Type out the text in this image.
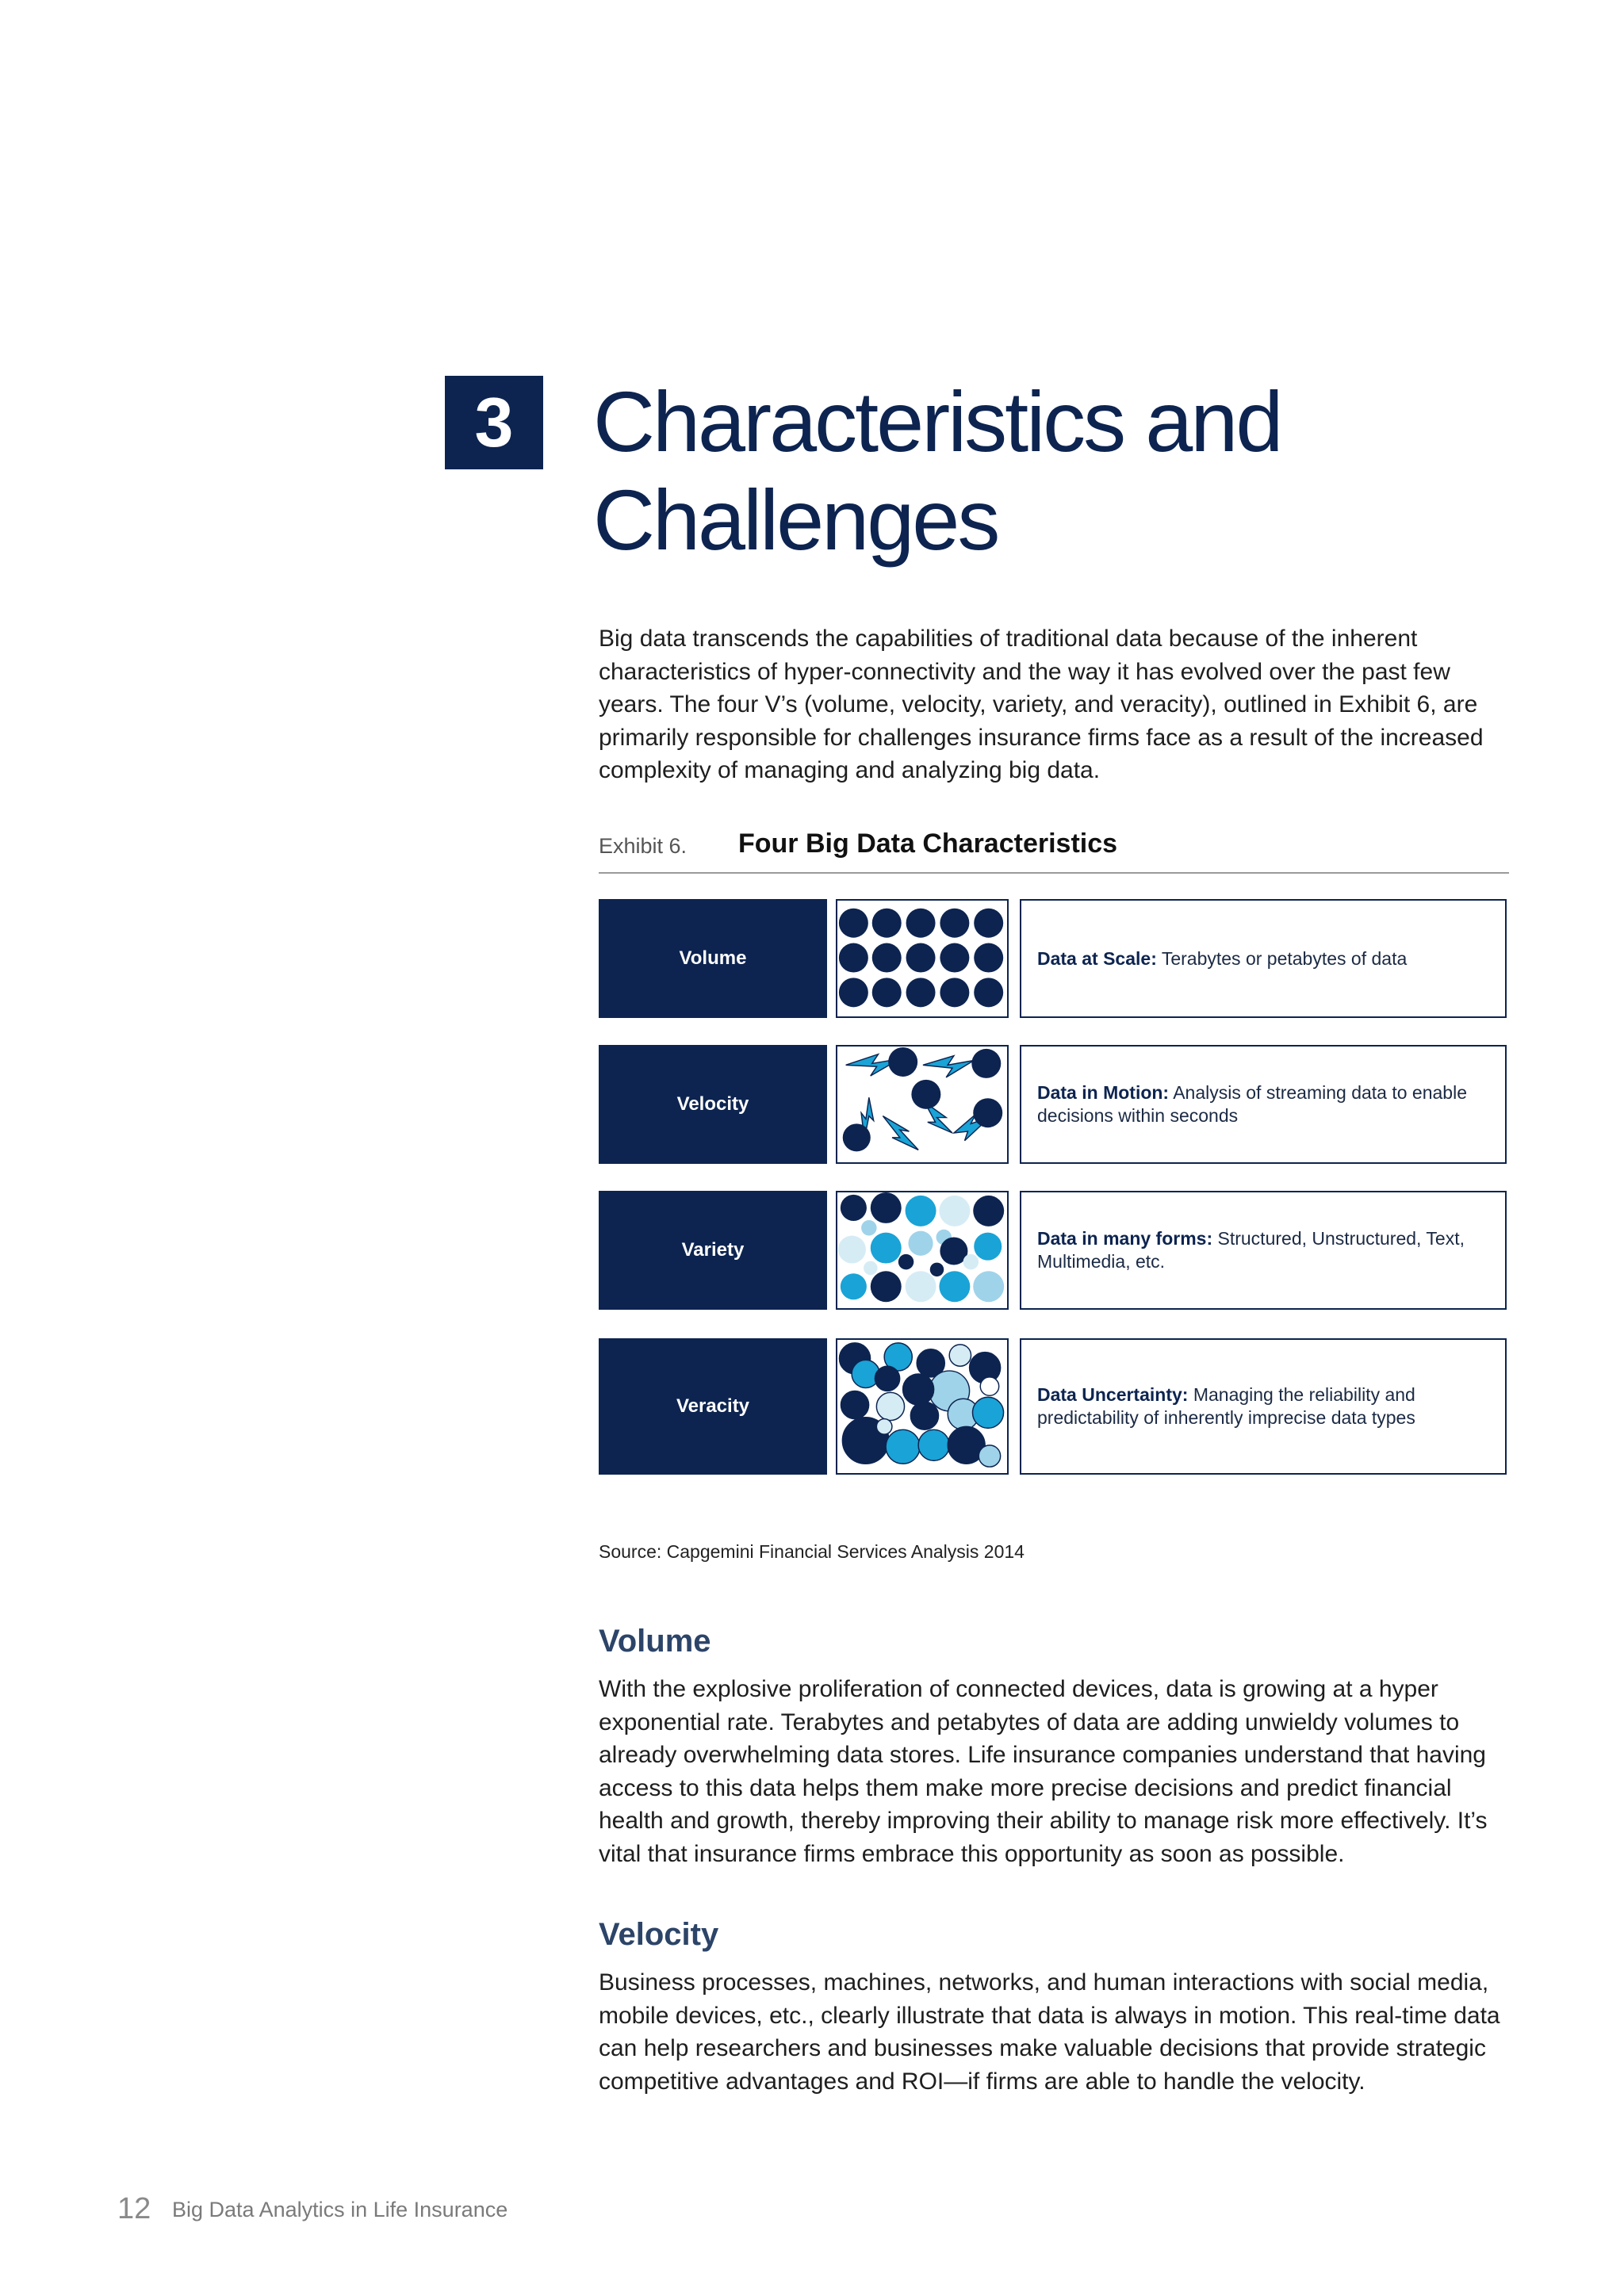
3 Characteristics and
Challenges

Big data transcends the capabilities of traditional data because of the inherent characteristics of hyper-connectivity and the way it has evolved over the past few years. The four V’s (volume, velocity, variety, and veracity), outlined in Exhibit 6, are primarily responsible for challenges insurance firms face as a result of the increased complexity of managing and analyzing big data.

Exhibit 6. Four Big Data Characteristics
Volume	Data at Scale: Terabytes or petabytes of data
Velocity
Data in Motion: Analysis of streaming data to enable decisions within seconds
Variety
Data in many forms: Structured, Unstructured, Text, Multimedia, etc.
Veracity
Data Uncertainty: Managing the reliability and predictability of inherently imprecise data types
Source: Capgemini Financial Services Analysis 2014
Volume

With the explosive proliferation of connected devices, data is growing at a hyper exponential rate. Terabytes and petabytes of data are adding unwieldy volumes to already overwhelming data stores. Life insurance companies understand that having access to this data helps them make more precise decisions and predict financial health and growth, thereby improving their ability to manage risk more effectively. It’s vital that insurance firms embrace this opportunity as soon as possible.

Velocity

Business processes, machines, networks, and human interactions with social media, mobile devices, etc., clearly illustrate that data is always in motion. This real-time data can help researchers and businesses make valuable decisions that provide strategic competitive advantages and ROI—if firms are able to handle the velocity.

12 Big Data Analytics in Life Insurance
